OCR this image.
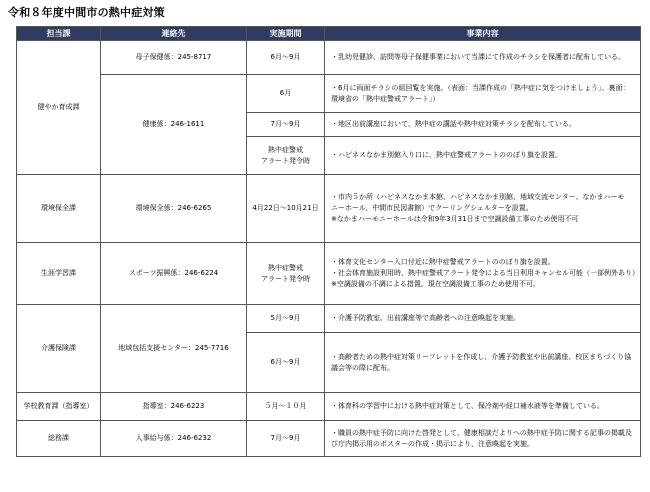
令和８年度中間市の熱中症対策
担当課	連絡先	実施期間	事業内容
健やか育成課	母子保健係：245-8717	6月～9月	・乳幼児健診、訪問等母子保健事業において当課にて作成のチラシを保護者に配布している。
	健康係：246-1611	6月	・6月に両面チラシの組回覧を実施。（表面：当課作成の「熱中症に気をつけましょう」、裏面：
環境省の「熱中症警戒アラート」）

		7月～9月	・地区出前講座において、熱中症の講話や熱中症対策チラシを配布している。

		熱中症警戒
アラート発令時	・ハピネスなかま別館入り口に、熱中症警戒アラートののぼり旗を設置。
環境保全課	環境保全係：246-6265	4月22日～10月21日	・市内５か所（ハピネスなかま本館、ハピネスなかま別館、地域交流センター、なかまハーモ
ニーホール、中間市民図書館）でクーリングシェルターを設置。
※なかまハーモニーホールは令和9年3月31日まで空調設備工事のため使用不可

生涯学習課	スポーツ振興係：246-6224	熱中症警戒
アラート発令時	・体育文化センター入口付近に熱中症警戒アラートののぼり旗を設置。
・社会体育施設利用時、熱中症警戒アラート発令による当日利用キャンセル可能（一部例外あり）
※空調設備の不調による措置。現在空調設備工事のため使用不可。

介護保険課	地域包括支援センター：245-7716	5月～9月	・介護予防教室、出前講座等で高齢者への注意喚起を実施。
		6月～9月	・高齢者ための熱中症対策リーフレットを作成し、介護予防教室や出前講座、校区まちづくり協
議会等の際に配布。

学校教育課（指導室）	指導室：246-6223	５月～１０月	・体育科の学習中における熱中症対策として、保冷剤や経口補水液等を準備している。
総務課	人事給与係：246-6232	7月～9月	・職員の熱中症予防に向けた啓発として、健康相談だよりへの熱中症予防に関する記事の掲載及
び庁内掲示用のポスターの作成・掲示により、注意喚起を実施。
